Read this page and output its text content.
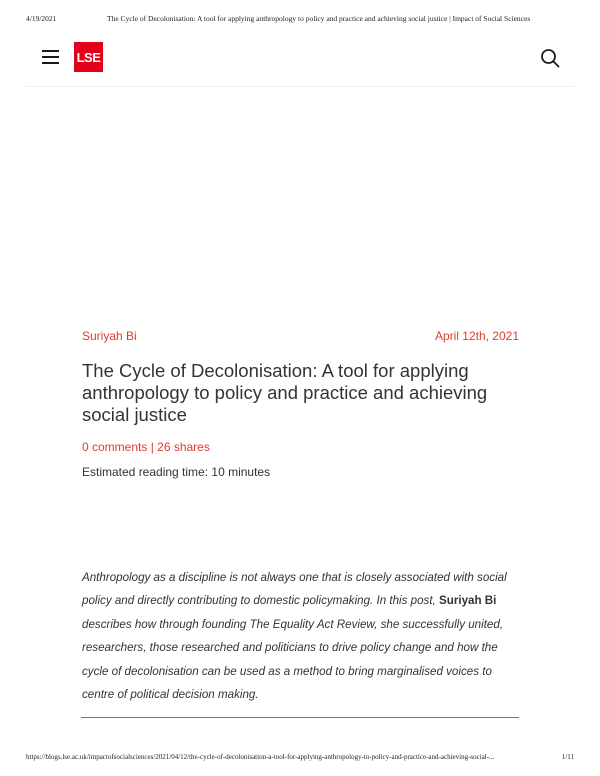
4/19/2021	The Cycle of Decolonisation: A tool for applying anthropology to policy and practice and achieving social justice | Impact of Social Sciences
LSE
Suriyah Bi	April 12th, 2021
The Cycle of Decolonisation: A tool for applying anthropology to policy and practice and achieving social justice
0 comments | 26 shares
Estimated reading time: 10 minutes

Anthropology as a discipline is not always one that is closely associated with social
policy and directly contributing to domestic policymaking. In this post, Suriyah Bi
describes how through founding The Equality Act Review, she successfully united,
researchers, those researched and politicians to drive policy change and how the
cycle of decolonisation can be used as a method to bring marginalised voices to
centre of political decision making.

https://blogs.lse.ac.uk/impactofsocialsciences/2021/04/12/the-cycle-of-decolonisation-a-tool-for-applying-anthropology-to-policy-and-practice-and-achieving-social-...	1/11
